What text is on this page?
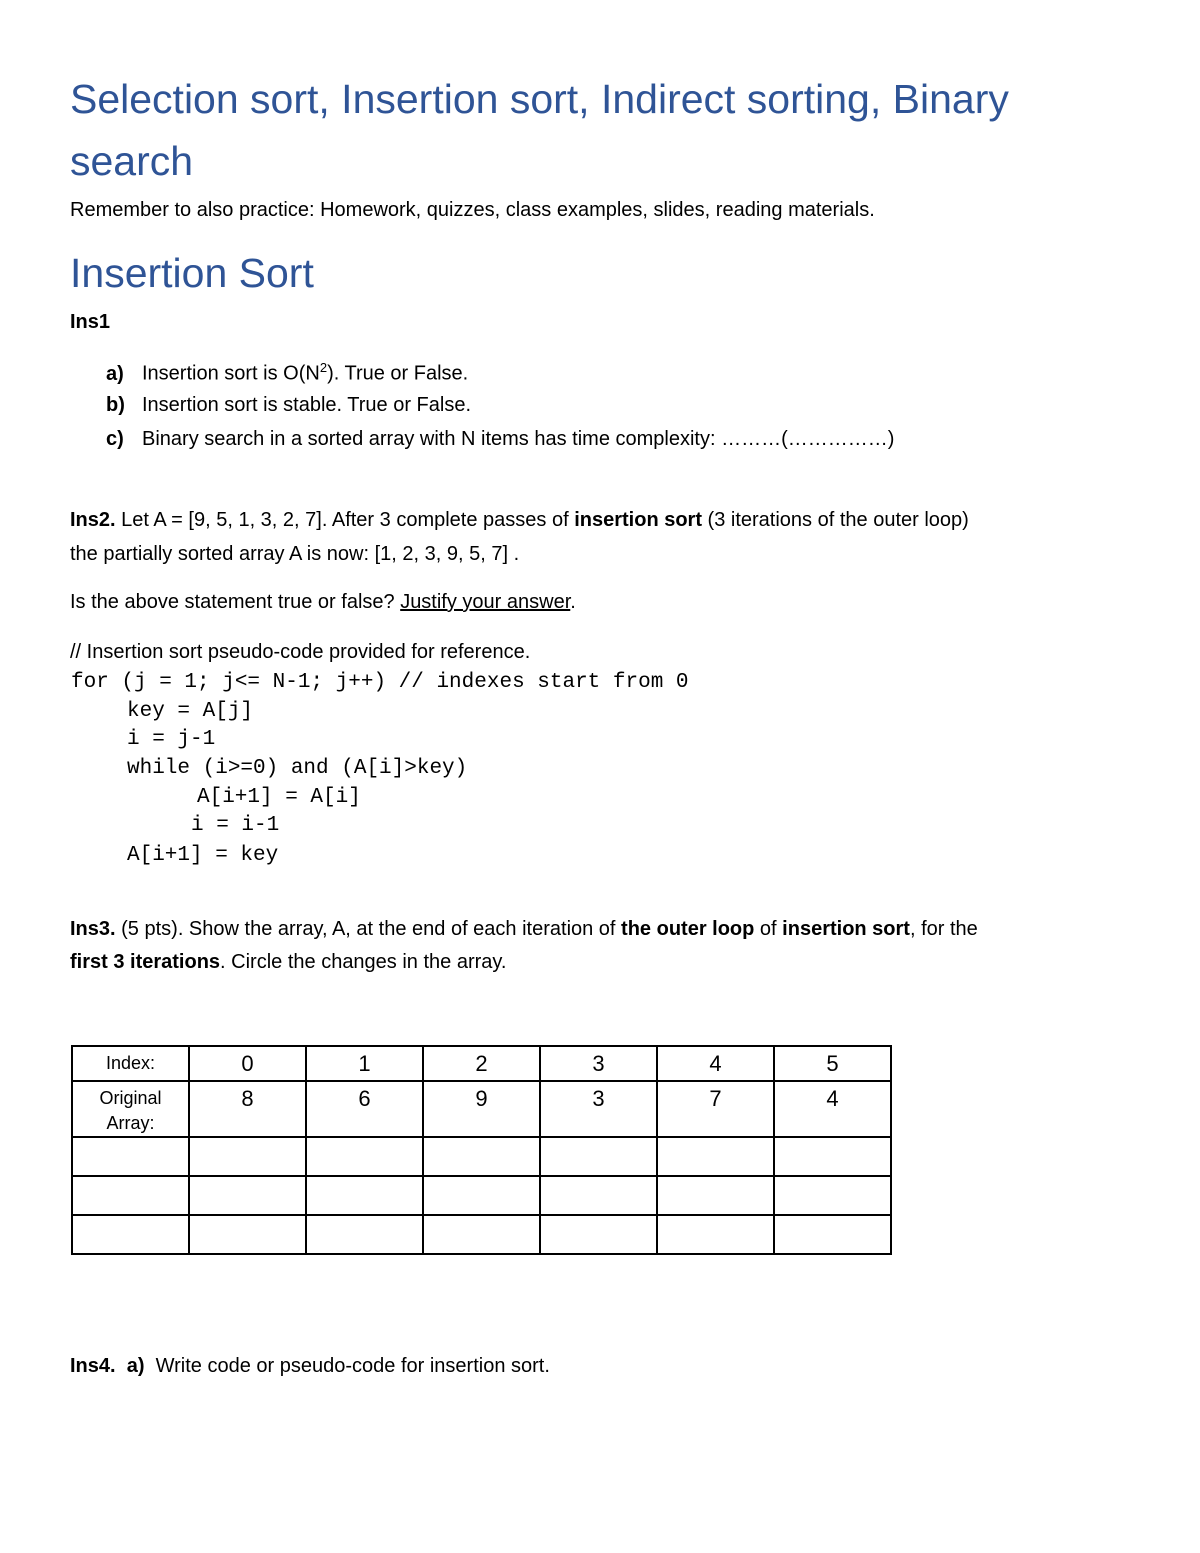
Selection sort, Insertion sort, Indirect sorting, Binary
search
Remember to also practice: Homework, quizzes, class examples, slides, reading materials.
Insertion Sort
Ins1
a) Insertion sort is $O(N^2)$. True or False.
b) Insertion sort is stable. True or False.
c) Binary search in a sorted array with N items has time complexity: ………(……………)
Ins2. Let A = [9, 5, 1, 3, 2, 7]. After 3 complete passes of insertion sort (3 iterations of the outer loop)
the partially sorted array A is now: [1, 2, 3, 9, 5, 7] .
Is the above statement true or false? Justify your answer.
// Insertion sort pseudo-code provided for reference.
for (j = 1; j<= N-1; j++) // indexes start from 0
key = A[j]
i = j-1
while (i>=0) and (A[i]>key)
A[i+1] = A[i]
i = i-1
A[i+1] = key
Ins3. (5 pts). Show the array, A, at the end of each iteration of the outer loop of insertion sort, for the
first 3 iterations. Circle the changes in the array.
Index:	0	1	2	3	4	5
Original
Array:	8	6	9	3	7	4

Ins4. a) Write code or pseudo-code for insertion sort.
